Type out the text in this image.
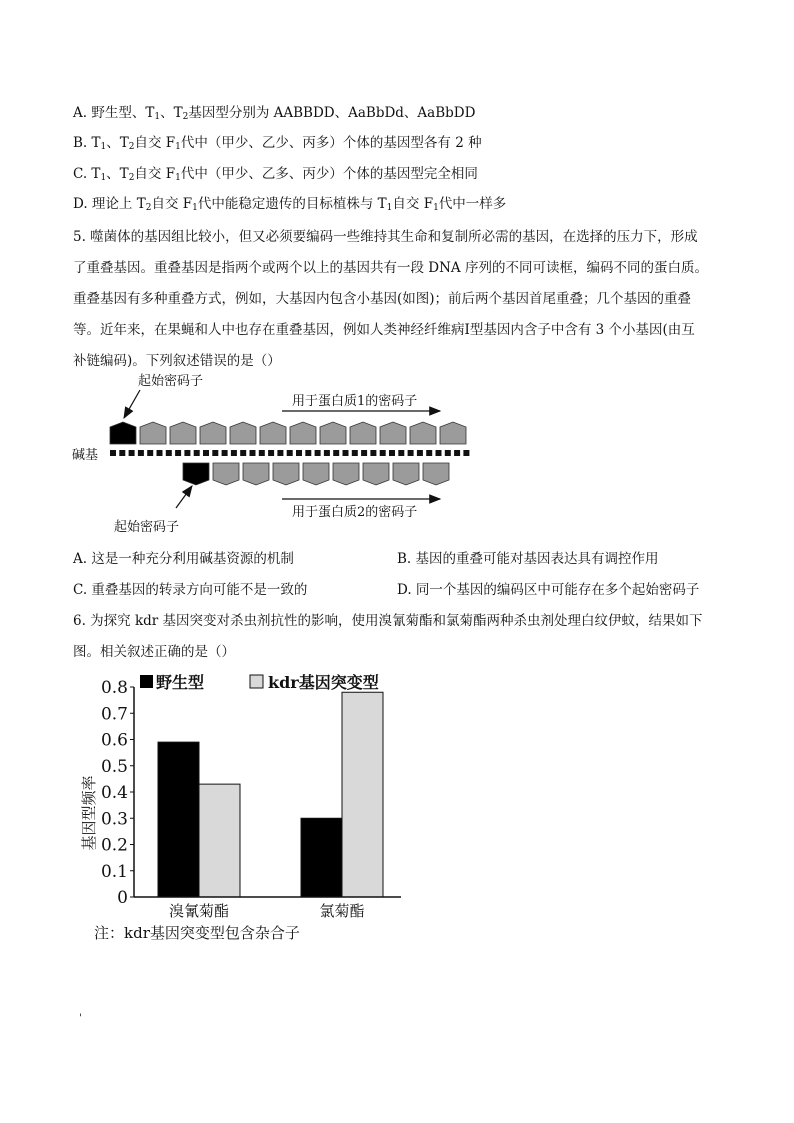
A. 野生型、$T_1$、$T_2$基因型分别为 AABBDD、AaBbDd、AaBbDD
B. $T_1$、$T_2$自交 $F_1$代中（甲少、乙少、丙多）个体的基因型各有 2 种
C. $T_1$、$T_2$自交 $F_1$代中（甲少、乙多、丙少）个体的基因型完全相同
D. 理论上 $T_2$自交 $F_1$代中能稳定遗传的目标植株与 $T_1$自交 $F_1$代中一样多
5. 噬菌体的基因组比较小，但又必须要编码一些维持其生命和复制所必需的基因，在选择的压力下，形成
了重叠基因。重叠基因是指两个或两个以上的基因共有一段 DNA 序列的不同可读框，编码不同的蛋白质。
重叠基因有多种重叠方式，例如，大基因内包含小基因(如图)；前后两个基因首尾重叠；几个基因的重叠
等。近年来，在果蝇和人中也存在重叠基因，例如人类神经纤维病Ⅰ型基因内含子中含有 3 个小基因(由互
补链编码)。下列叙述错误的是（）
起始密码子
用于蛋白质1的密码子
碱基
用于蛋白质2的密码子
起始密码子
A. 这是一种充分利用碱基资源的机制	B. 基因的重叠可能对基因表达具有调控作用
C. 重叠基因的转录方向可能不是一致的	D. 同一个基因的编码区中可能存在多个起始密码子
6. 为探究 kdr 基因突变对杀虫剂抗性的影响，使用溴氰菊酯和氯菊酯两种杀虫剂处理白纹伊蚊，结果如下
图。相关叙述正确的是（）
野生型	kdr基因突变型
基因型频率
0
0.1
0.2
0.3
0.4
0.5
0.6
0.7
0.8
溴氰菊酯	氯菊酯
注：kdr基因突变型包含杂合子
'
